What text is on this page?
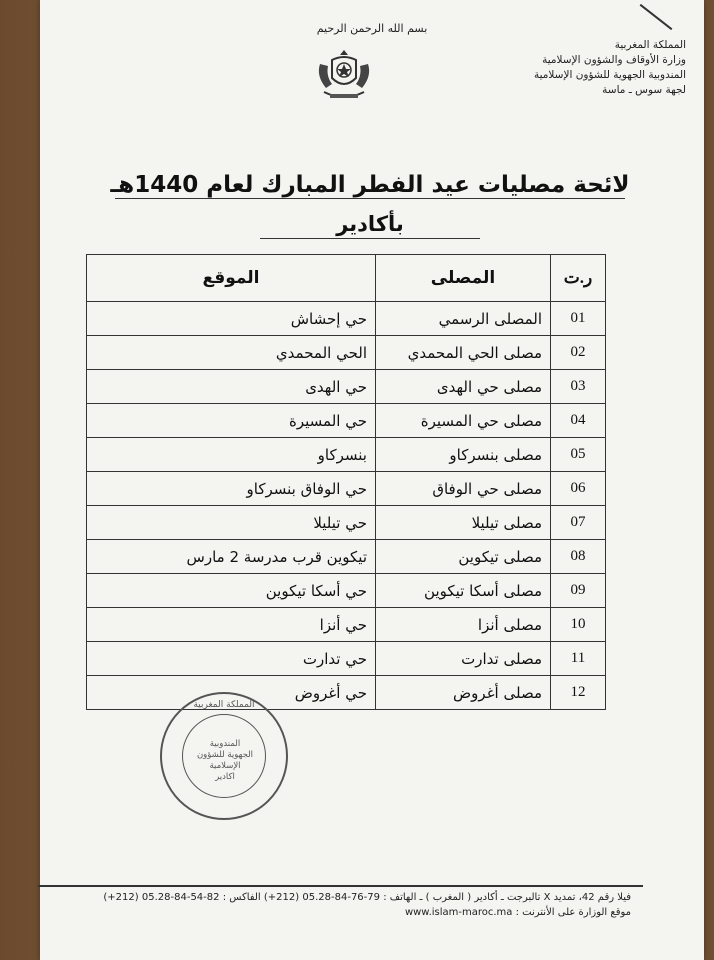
بسم الله الرحمن الرحيم
المملكة المغربية
وزارة الأوقاف والشؤون الإسلامية
المندوبية الجهوية للشؤون الإسلامية
لجهة سوس ـ ماسة
لائحة مصليات عيد الفطر المبارك لعام 1440هـ
بأكادير
ر.ت	المصلى	الموقع
01	المصلى الرسمي	حي إحشاش
02	مصلى الحي المحمدي	الحي المحمدي
03	مصلى حي الهدى	حي الهدى
04	مصلى حي المسيرة	حي المسيرة
05	مصلى بنسركاو	بنسركاو
06	مصلى حي الوفاق	حي الوفاق بنسركاو
07	مصلى تيليلا	حي تيليلا
08	مصلى تيكوين	تيكوين قرب مدرسة 2 مارس
09	مصلى أسكا تيكوين	حي أسكا تيكوين
10	مصلى أنزا	حي أنزا
11	مصلى تدارت	حي تدارت
12	مصلى أغروض	حي أغروض
المملكة المغربية
المندوبية
الجهوية للشؤون
الإسلامية
اكادير
فيلا رقم 42، تمديد X تالبرجت ـ أكادير ( المغرب ) ـ الهاتف : 79-76-84-05.28 (212+) الفاكس : 82-54-84-05.28 (212+)
موقع الوزارة على الأنترنت : www.islam-maroc.ma
